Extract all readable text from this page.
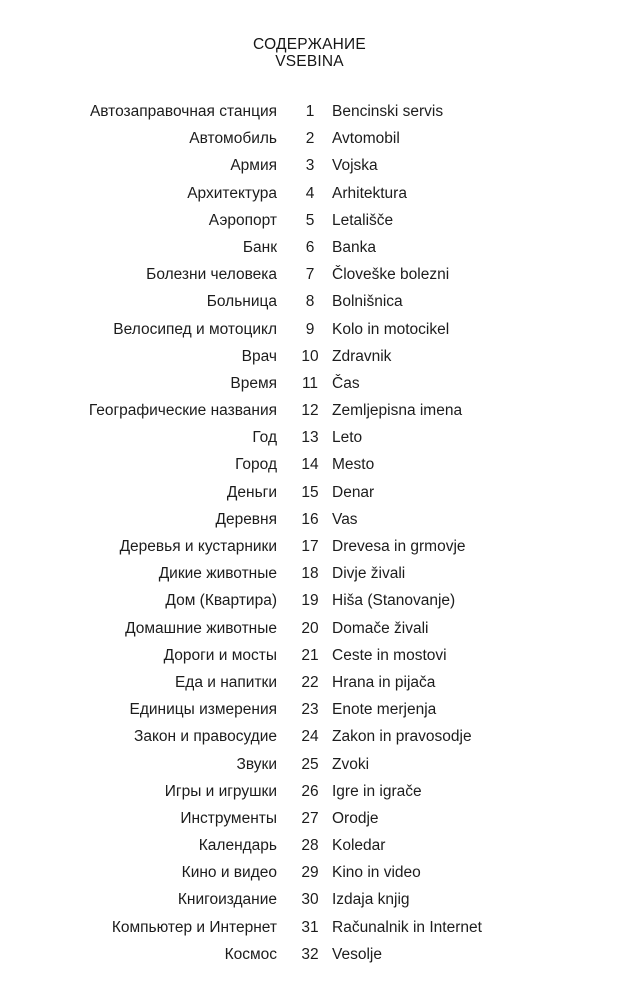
СОДЕРЖАНИЕ
VSEBINA
Автозаправочная станция	1	Bencinski servis
Автомобиль	2	Avtomobil
Армия	3	Vojska
Архитектура	4	Arhitektura
Аэропорт	5	Letališče
Банк	6	Banka
Болезни человека	7	Človeške bolezni
Больница	8	Bolnišnica
Велосипед и мотоцикл	9	Kolo in motocikel
Врач	10 Zdravnik
Время	11 Čas
Географические названия	12 Zemljepisna imena
Год	13 Leto
Город	14 Mesto
Деньги	15 Denar
Деревня	16 Vas
Деревья и кустарники	17 Drevesa in grmovje
Дикие животные	18 Divje živali
Дом (Квартира)	19 Hiša (Stanovanje)
Домашние животные	20 Domače živali
Дороги и мосты	21 Ceste in mostovi
Еда и напитки	22 Hrana in pijača
Единицы измерения	23 Enote merjenja
Закон и правосудие	24 Zakon in pravosodje
Звуки	25 Zvoki
Игры и игрушки	26 Igre in igrače
Инструменты	27 Orodje
Календарь	28 Koledar
Кино и видео	29 Kino in video
Книгоиздание	30 Izdaja knjig
Компьютер и Интернет	31 Računalnik in Internet
Космос	32 Vesolje
